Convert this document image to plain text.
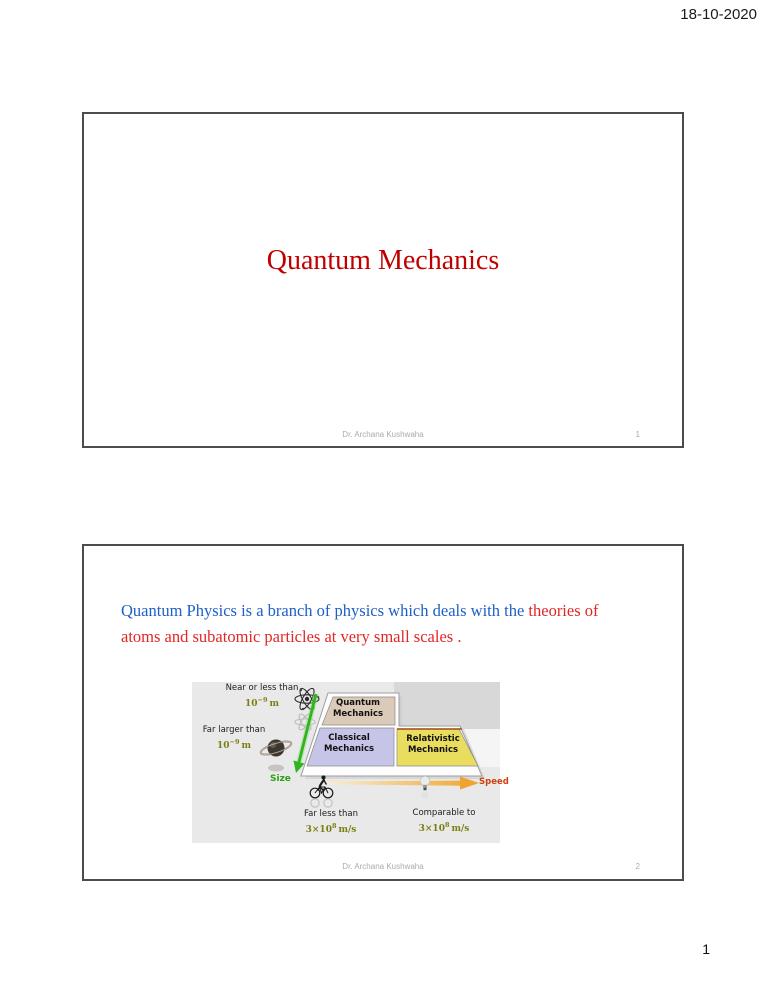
18-10-2020
Quantum Mechanics
Dr. Archana Kushwaha	1
Quantum Physics is a branch of physics which deals with the theories of
atoms and subatomic particles at very small scales .
Near or less than
$10^{-9}$ m
Far larger than
$10^{-9}$ m
Far less than
$3\times 10^8$ m/s
Comparable to
$3\times 10^8$ m/s
Size	Speed
Quantum
Mechanics
Classical
Mechanics
Relativistic
Mechanics
Dr. Archana Kushwaha	2
1
